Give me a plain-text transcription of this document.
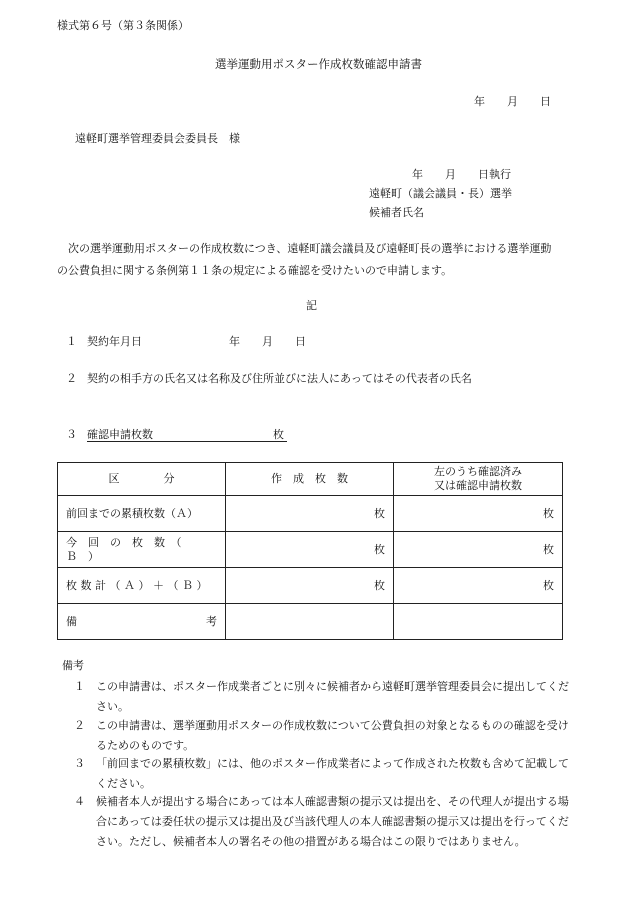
様式第６号（第３条関係）
選挙運動用ポスター作成枚数確認申請書
年　　月　　日
遠軽町選挙管理委員会委員長　様
年　　月　　日執行
遠軽町（議会議員・長）選挙
候補者氏名
次の選挙運動用ポスターの作成枚数につき、遠軽町議会議員及び遠軽町長の選挙における選挙運動の公費負担に関する条例第１１条の規定による確認を受けたいので申請します。
記
１ 契約年月日	年　　月　　日
２ 契約の相手方の氏名又は名称及び住所並びに法人にあってはその代表者の氏名
３ 確認申請枚数	枚
区　　　　分	作　成　枚　数	左のうち確認済み
又は確認申請枚数
前回までの累積枚数（Ａ）	枚	枚
今　回　の　枚　数　（　Ｂ　）	枚	枚
枚 数 計 （ Ａ ） ＋ （ Ｂ ）	枚	枚
備 考		

備考
１	この申請書は、ポスター作成業者ごとに別々に候補者から遠軽町選挙管理委員会に提出してください。
２	この申請書は、選挙運動用ポスターの作成枚数について公費負担の対象となるものの確認を受けるためのものです。
３	「前回までの累積枚数」には、他のポスター作成業者によって作成された枚数も含めて記載してください。
４	候補者本人が提出する場合にあっては本人確認書類の提示又は提出を、その代理人が提出する場合にあっては委任状の提示又は提出及び当該代理人の本人確認書類の提示又は提出を行ってください。ただし、候補者本人の署名その他の措置がある場合はこの限りではありません。
